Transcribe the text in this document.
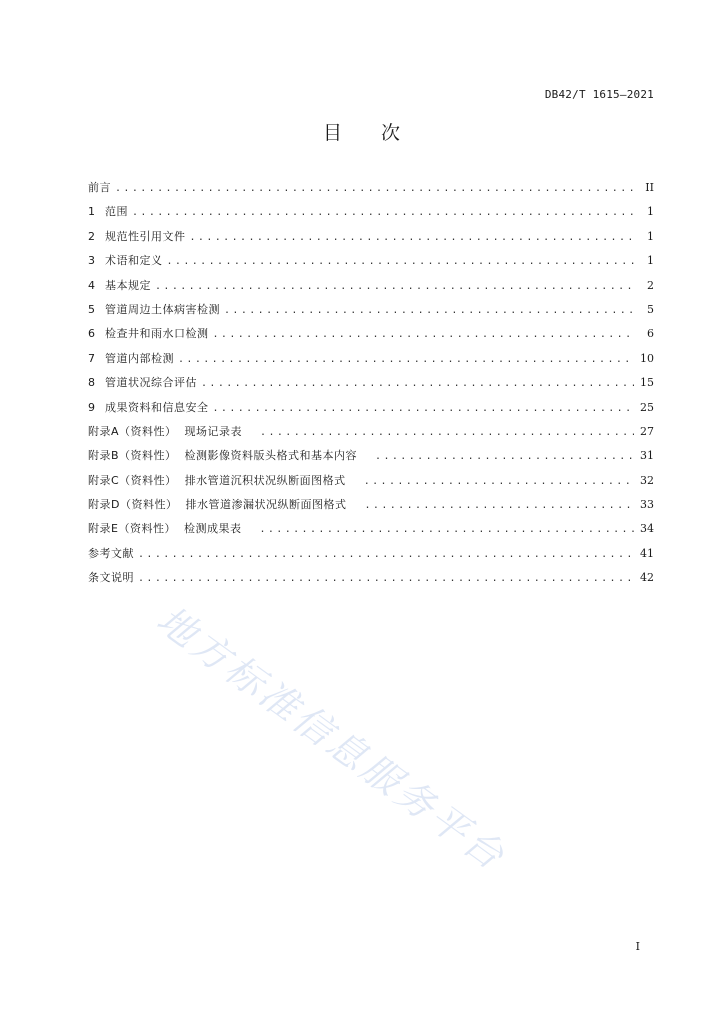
DB42/T 1615—2021
目 次
前言 .....	II
1 范围 .....	1
2 规范性引用文件 .....	1
3 术语和定义 .....	1
4 基本规定 .....	2
5 管道周边土体病害检测 .....	5
6 检查井和雨水口检测 .....	6
7 管道内部检测 .....	10
8 管道状况综合评估 .....	15
9 成果资料和信息安全 .....	25
附录A（资料性） 现场记录表 .....	27
附录B（资料性） 检测影像资料版头格式和基本内容 .....	31
附录C（资料性） 排水管道沉积状况纵断面图格式 .....	32
附录D（资料性） 排水管道渗漏状况纵断面图格式 .....	33
附录E（资料性） 检测成果表 .....	34
参考文献 .....	41
条文说明 .....	42
地方标准信息服务平台
I
